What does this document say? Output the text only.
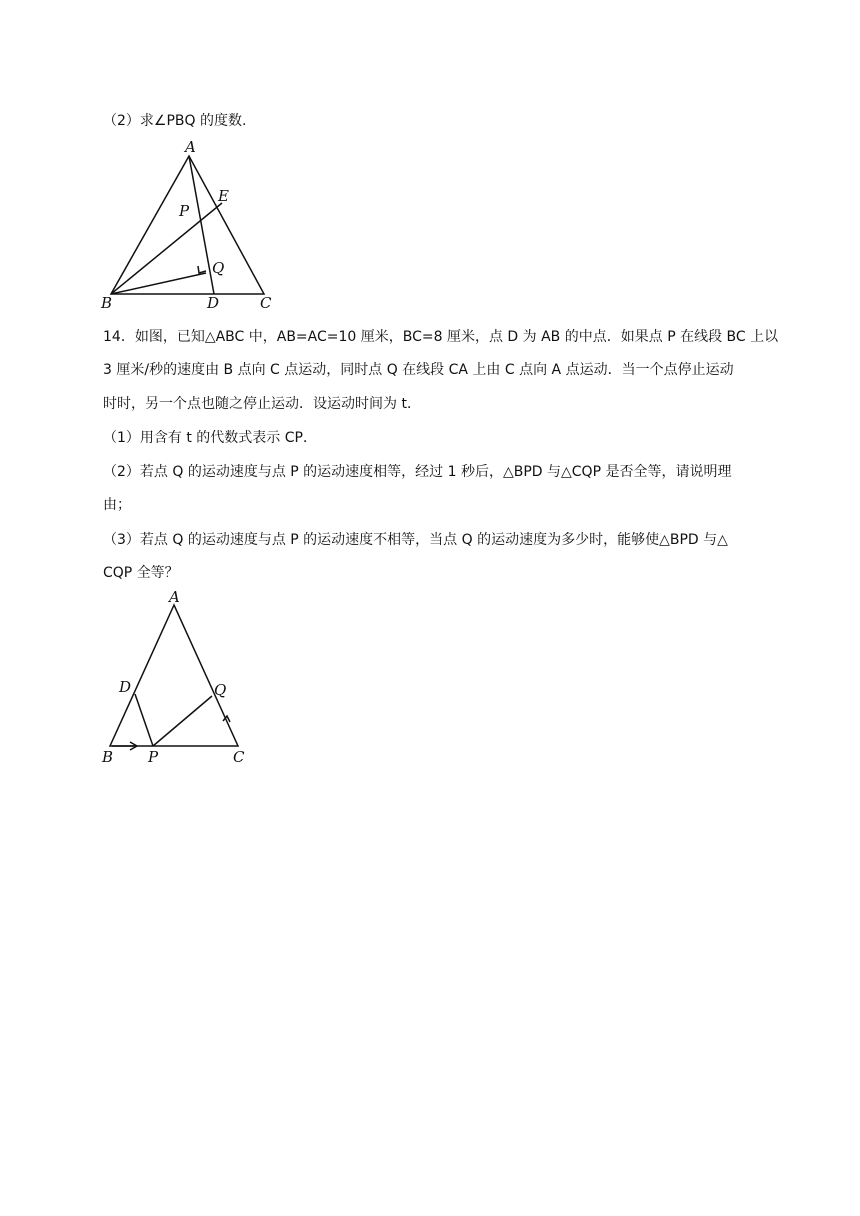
（2）求∠PBQ 的度数.
A
B	C
D
E
P
Q
14．如图，已知△ABC 中，AB=AC=10 厘米，BC=8 厘米，点 D 为 AB 的中点．如果点 P 在线段 BC 上以
3 厘米/秒的速度由 B 点向 C 点运动，同时点 Q 在线段 CA 上由 C 点向 A 点运动．当一个点停止运动
时时，另一个点也随之停止运动．设运动时间为 t．
（1）用含有 t 的代数式表示 CP．
（2）若点 Q 的运动速度与点 P 的运动速度相等，经过 1 秒后，△BPD 与△CQP 是否全等，请说明理
由；
（3）若点 Q 的运动速度与点 P 的运动速度不相等，当点 Q 的运动速度为多少时，能够使△BPD 与△
CQP 全等？
A
B	C
D
P
Q
